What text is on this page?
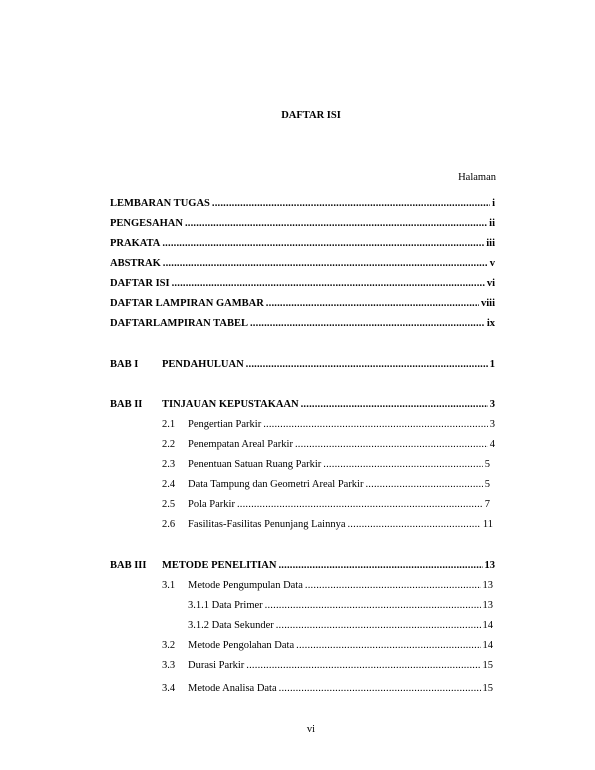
DAFTAR ISI
Halaman
LEMBARAN TUGAS .....	i
PENGESAHAN .....	ii
PRAKATA .....	iii
ABSTRAK .....	v
DAFTAR ISI .....	vi
DAFTAR LAMPIRAN GAMBAR .....	viii
DAFTARLAMPIRAN TABEL .....	ix
BAB I PENDAHULUAN .....	1
BAB II TINJAUAN KEPUSTAKAAN .....	3
2.1 Pengertian Parkir .....	3
2.2 Penempatan Areal Parkir .....	4
2.3 Penentuan Satuan Ruang Parkir .....	5
2.4 Data Tampung dan Geometri Areal Parkir .....	5
2.5 Pola Parkir .....	7
2.6 Fasilitas-Fasilitas Penunjang Lainnya .....	11
BAB III METODE PENELITIAN .....	13
3.1 Metode Pengumpulan Data .....	13
3.1.1 Data Primer .....	13
3.1.2 Data Sekunder .....	14
3.2 Metode Pengolahan Data .....	14
3.3 Durasi Parkir .....	15
3.4 Metode Analisa Data .....	15
vi
